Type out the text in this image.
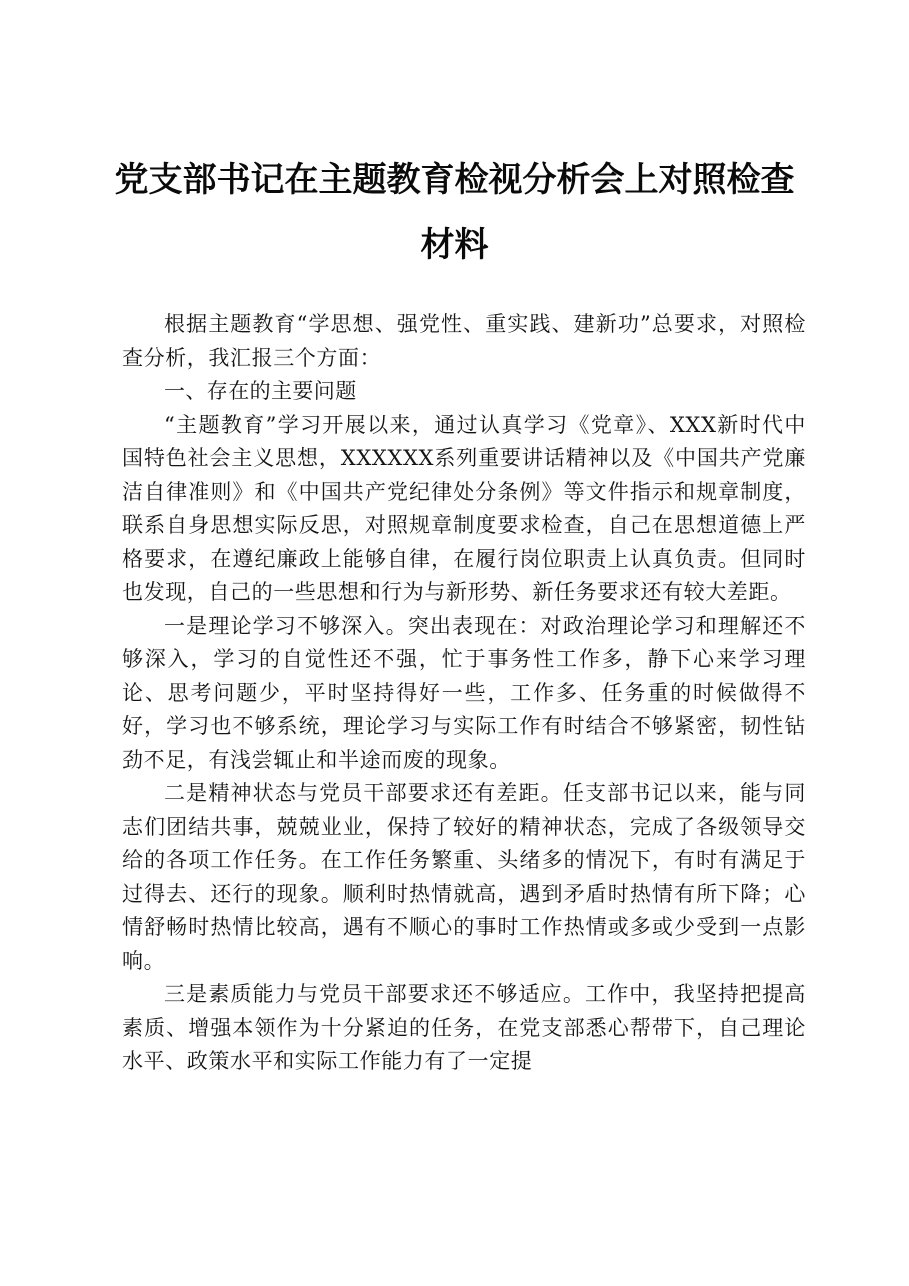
党支部书记在主题教育检视分析会上对照检查
材料

根据主题教育“学思想、强党性、重实践、建新功”总要求，对照检查分析，我汇报三个方面：

一、存在的主要问题

“主题教育”学习开展以来，通过认真学习《党章》、XXX新时代中国特色社会主义思想，XXXXXX系列重要讲话精神以及《中国共产党廉洁自律准则》和《中国共产党纪律处分条例》等文件指示和规章制度，联系自身思想实际反思，对照规章制度要求检查，自己在思想道德上严格要求，在遵纪廉政上能够自律，在履行岗位职责上认真负责。但同时也发现，自己的一些思想和行为与新形势、新任务要求还有较大差距。

一是理论学习不够深入。突出表现在：对政治理论学习和理解还不够深入，学习的自觉性还不强，忙于事务性工作多，静下心来学习理论、思考问题少，平时坚持得好一些，工作多、任务重的时候做得不好，学习也不够系统，理论学习与实际工作有时结合不够紧密，韧性钻劲不足，有浅尝辄止和半途而废的现象。

二是精神状态与党员干部要求还有差距。任支部书记以来，能与同志们团结共事，兢兢业业，保持了较好的精神状态，完成了各级领导交给的各项工作任务。在工作任务繁重、头绪多的情况下，有时有满足于过得去、还行的现象。顺利时热情就高，遇到矛盾时热情有所下降；心情舒畅时热情比较高，遇有不顺心的事时工作热情或多或少受到一点影响。

三是素质能力与党员干部要求还不够适应。工作中，我坚持把提高素质、增强本领作为十分紧迫的任务，在党支部悉心帮带下，自己理论水平、政策水平和实际工作能力有了一定提
